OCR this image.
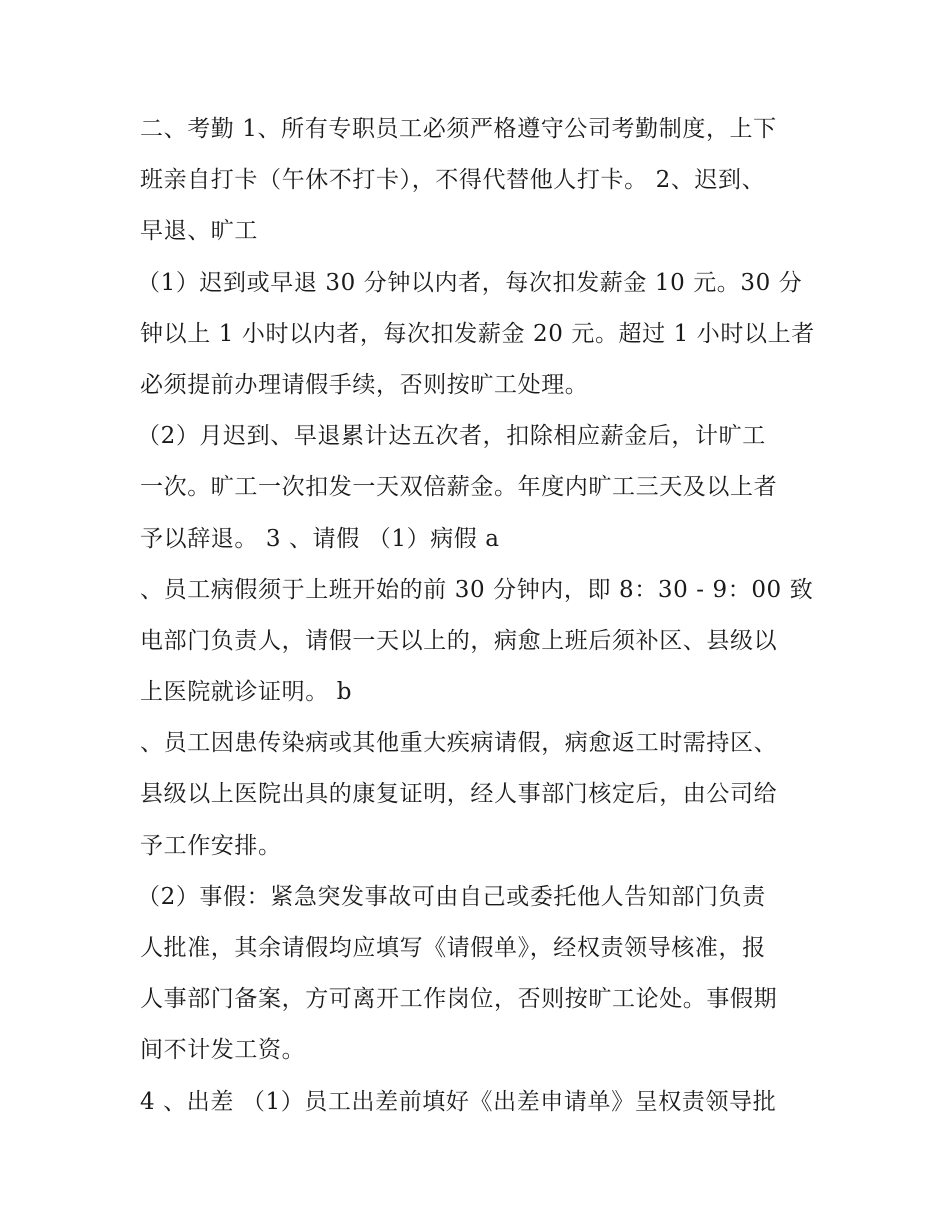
二、考勤 1、所有专职员工必须严格遵守公司考勤制度，上下
班亲自打卡（午休不打卡），不得代替他人打卡。 2、迟到、
早退、旷工
（1）迟到或早退 30 分钟以内者，每次扣发薪金 10 元。30 分
钟以上 1 小时以内者，每次扣发薪金 20 元。超过 1 小时以上者
必须提前办理请假手续，否则按旷工处理。
（2）月迟到、早退累计达五次者，扣除相应薪金后，计旷工
一次。旷工一次扣发一天双倍薪金。年度内旷工三天及以上者
予以辞退。 3 、请假 （1）病假 a
、员工病假须于上班开始的前 30 分钟内，即 8：30 - 9：00 致
电部门负责人，请假一天以上的，病愈上班后须补区、县级以
上医院就诊证明。 b
、员工因患传染病或其他重大疾病请假，病愈返工时需持区、
县级以上医院出具的康复证明，经人事部门核定后，由公司给
予工作安排。
（2）事假：紧急突发事故可由自己或委托他人告知部门负责
人批准，其余请假均应填写《请假单》，经权责领导核准，报
人事部门备案，方可离开工作岗位，否则按旷工论处。事假期
间不计发工资。
4 、出差 （1）员工出差前填好《出差申请单》呈权责领导批
